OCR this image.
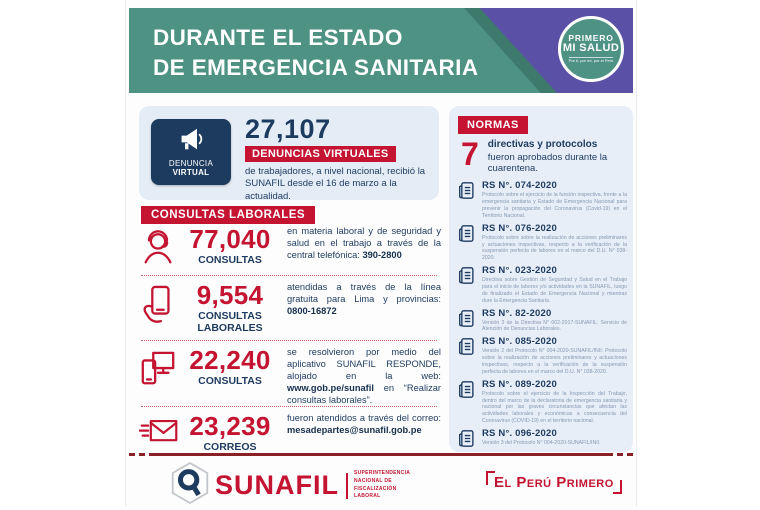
DURANTE EL ESTADO
DE EMERGENCIA SANITARIA
PRIMERO
MI SALUD
Por ti, por mí, por el Perú
DENUNCIA
VIRTUAL
27,107
DENUNCIAS VIRTUALES
de trabajadores, a nivel nacional, recibió la SUNAFIL desde el 16 de marzo a la actualidad.
CONSULTAS LABORALES
77,040
CONSULTAS
en materia laboral y de seguridad y salud en el trabajo a través de la central telefónica: 390-2800
9,554
CONSULTAS LABORALES
atendidas a través de la línea gratuita para Lima y provincias: 0800-16872
22,240
CONSULTAS
se resolvieron por medio del aplicativo SUNAFIL RESPONDE, alojado en la web: www.gob.pe/sunafil en “Realizar consultas laborales”.
23,239
CORREOS
fueron atendidos a través del correo: mesadepartes@sunafil.gob.pe
NORMAS
7 directivas y protocolos fueron aprobados durante la cuarentena.
RS N°. 074-2020
Protocolo sobre el ejercicio de la función inspectiva, frente a la emergencia sanitaria y Estado de Emergencia Nacional para prevenir la propagación del Coronavirus (Covid-19) en el Territorio Nacional.
RS N°. 076-2020
Protocolo sobre sobre la realización de acciones preliminares y actuaciones inspectivas, respecto a la verificación de la suspensión perfecta de labores en el marco del D.U. N° 038-2020.
RS N°. 023-2020
Directiva sobre Gestión de Seguridad y Salud en el Trabajo para el inicio de labores y/o actividades en la SUNAFIL, luego de finalizado el Estado de Emergencia Nacional y mientras dure la Emergencia Sanitaria.
RS N°. 82-2020
Versión 3 de la Directiva N° 002-2017-SUNAFIL: Servicio de Atención de Denuncias Laborales.
RS N°. 085-2020
Versión 2 del Protocolo N° 004-2020-SUNAFIL/INII: Protocolo sobre la realización de acciones preliminares y actuaciones inspectivas, respecto a la verificación de la suspensión perfecta de labores en el marco del D.U. N° 038-2020.
RS N°. 089-2020
Protocolo sobre el ejercicio de la Inspección del Trabajo, dentro del marco de la declaratoria de emergencia sanitaria y nacional por las graves circunstancias que afectan las actividades laborales y económicas a consecuencia del Coronavirus (COVID-19) en el territorio nacional.
RS N°. 096-2020
Versión 3 del Protocolo N° 004-2020-SUNAFIL/INII.
SUNAFIL	SUPERINTENDENCIA NACIONAL DE FISCALIZACIÓN LABORAL
El Perú Primero
